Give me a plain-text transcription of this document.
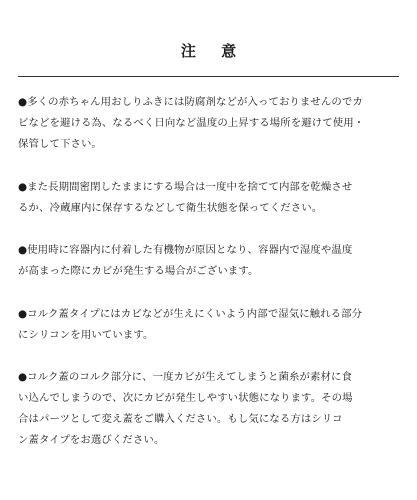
注 意
●多くの赤ちゃん用おしりふきには防腐剤などが入っておりませんのでカ
ビなどを避ける為、なるべく日向など温度の上昇する場所を避けて使用・
保管して下さい。
●また長期間密閉したままにする場合は一度中を捨てて内部を乾燥させ
るか、冷蔵庫内に保存するなどして衛生状態を保ってください。
●使用時に容器内に付着した有機物が原因となり、容器内で湿度や温度
が高まった際にカビが発生する場合がございます。
●コルク蓋タイプにはカビなどが生えにくいよう内部で湿気に触れる部分
にシリコンを用いています。
●コルク蓋のコルク部分に、一度カビが生えてしまうと菌糸が素材に食
い込んでしまうので、次にカビが発生しやすい状態になります。その場
合はパーツとして変え蓋をご購入ください。もし気になる方はシリコ
ン蓋タイプをお選びください。
